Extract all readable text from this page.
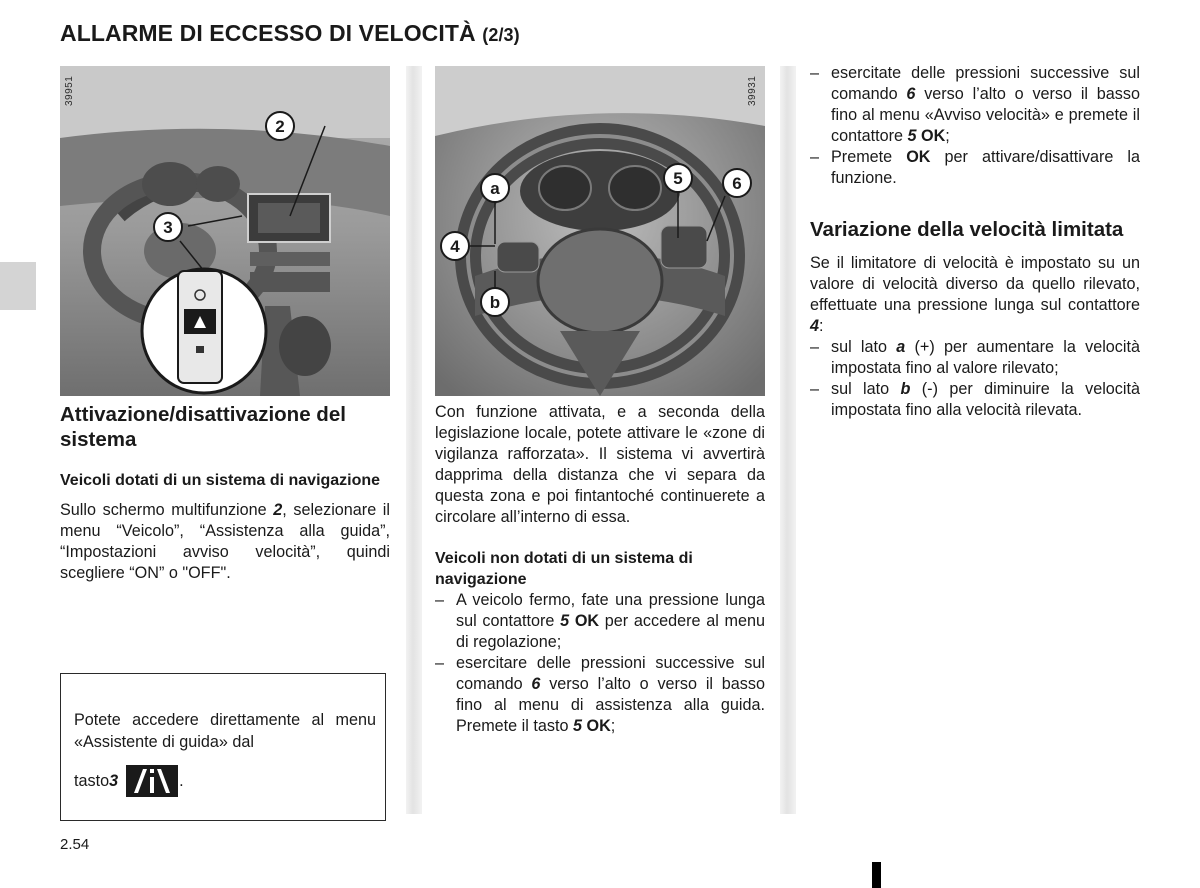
ALLARME DI ECCESSO DI VELOCITÀ (2/3)
2
3
39951
a
4
b
5	6
39931
Attivazione/disattivazione del sistema
Veicoli dotati di un sistema di navigazione

Sullo schermo multifunzione 2, selezionare il menu “Veicolo”, “Assistenza alla guida”, “Impostazioni avviso velocità”, quindi scegliere “ON” o "OFF".

Potete accedere direttamente al menu «Assistente di guida» dal
tasto 3	.

Con funzione attivata, e a seconda della legislazione locale, potete attivare le «zone di vigilanza rafforzata». Il sistema vi avvertirà dapprima della distanza che vi separa da questa zona e poi fintantoché continuerete a circolare all’interno di essa.

Veicoli non dotati di un sistema di navigazione
– A veicolo fermo, fate una pressione lunga sul contattore 5 OK per accedere al menu di regolazione;
– esercitare delle pressioni successive sul comando 6 verso l’alto o verso il basso fino al menu di assistenza alla guida. Premete il tasto 5 OK;
– esercitate delle pressioni successive sul comando 6 verso l’alto o verso il basso fino al menu «Avviso velocità» e premete il contattore 5 OK;
– Premete OK per attivare/disattivare la funzione.
Variazione della velocità limitata

Se il limitatore di velocità è impostato su un valore di velocità diverso da quello rilevato, effettuate una pressione lunga sul contattore 4:

– sul lato a (+) per aumentare la velocità impostata fino al valore rilevato;
– sul lato b (-) per diminuire la velocità impostata fino alla velocità rilevata.
2.54
